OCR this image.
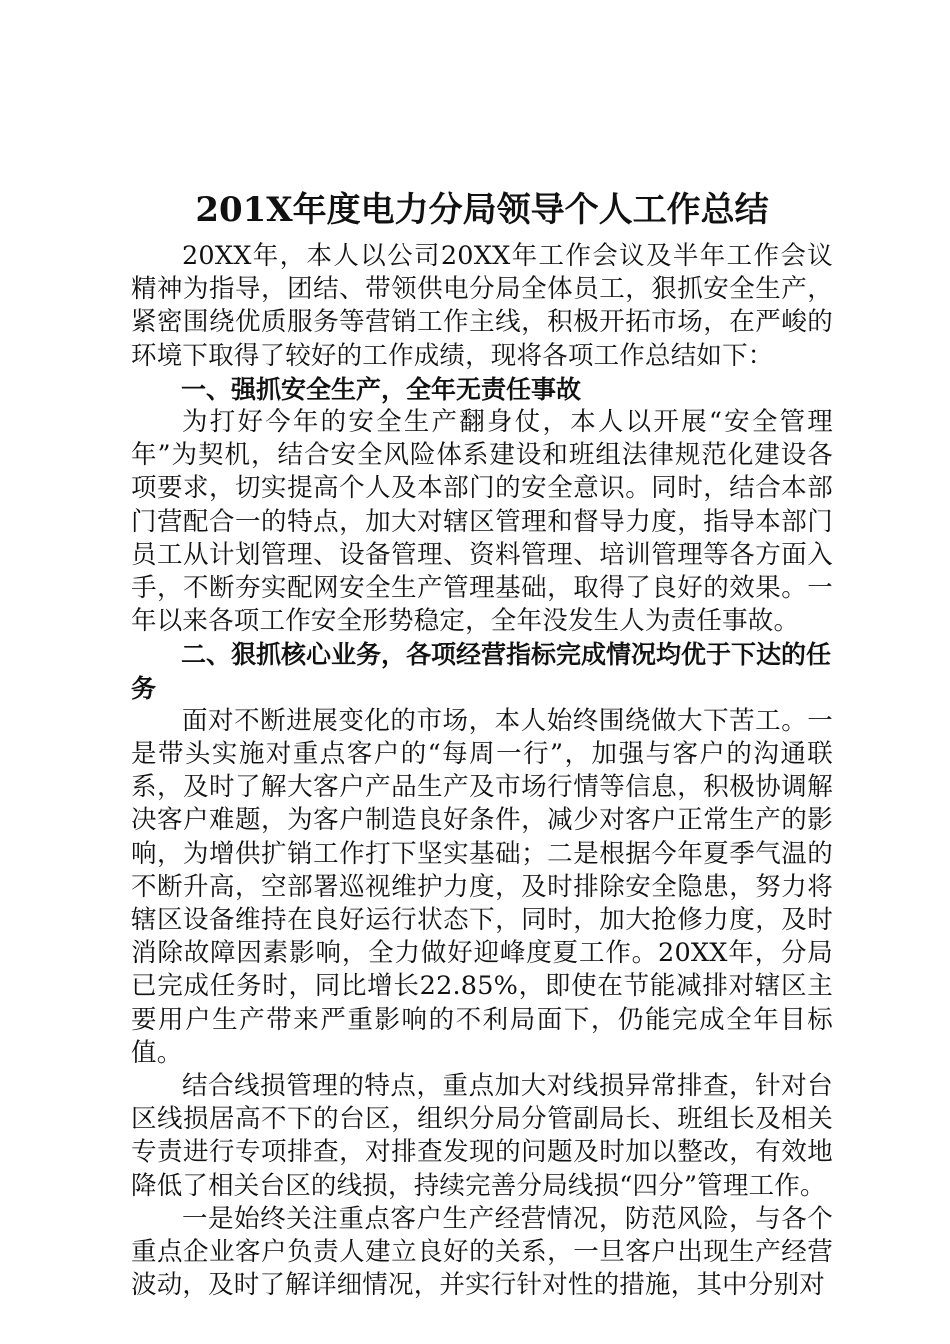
201X年度电力分局领导个人工作总结

20XX年，本人以公司20XX年工作会议及半年工作会议精神为指导，团结、带领供电分局全体员工，狠抓安全生产，紧密围绕优质服务等营销工作主线，积极开拓市场，在严峻的环境下取得了较好的工作成绩，现将各项工作总结如下：

一、强抓安全生产，全年无责任事故

为打好今年的安全生产翻身仗，本人以开展“安全管理年”为契机，结合安全风险体系建设和班组法律规范化建设各项要求，切实提高个人及本部门的安全意识。同时，结合本部门营配合一的特点，加大对辖区管理和督导力度，指导本部门员工从计划管理、设备管理、资料管理、培训管理等各方面入手，不断夯实配网安全生产管理基础，取得了良好的效果。一年以来各项工作安全形势稳定，全年没发生人为责任事故。

二、狠抓核心业务，各项经营指标完成情况均优于下达的任务

面对不断进展变化的市场，本人始终围绕做大下苦工。一是带头实施对重点客户的“每周一行”，加强与客户的沟通联系，及时了解大客户产品生产及市场行情等信息，积极协调解决客户难题，为客户制造良好条件，减少对客户正常生产的影响，为增供扩销工作打下坚实基础；二是根据今年夏季气温的不断升高，空部署巡视维护力度，及时排除安全隐患，努力将辖区设备维持在良好运行状态下，同时，加大抢修力度，及时消除故障因素影响，全力做好迎峰度夏工作。20XX年，分局已完成任务时，同比增长22.85%，即使在节能减排对辖区主要用户生产带来严重影响的不利局面下，仍能完成全年目标值。

结合线损管理的特点，重点加大对线损异常排查，针对台区线损居高不下的台区，组织分局分管副局长、班组长及相关专责进行专项排查，对排查发现的问题及时加以整改，有效地降低了相关台区的线损，持续完善分局线损“四分”管理工作。

一是始终关注重点客户生产经营情况，防范风险，与各个重点企业客户负责人建立良好的关系，一旦客户出现生产经营波动，及时了解详细情况，并实行针对性的措施，其中分别对
